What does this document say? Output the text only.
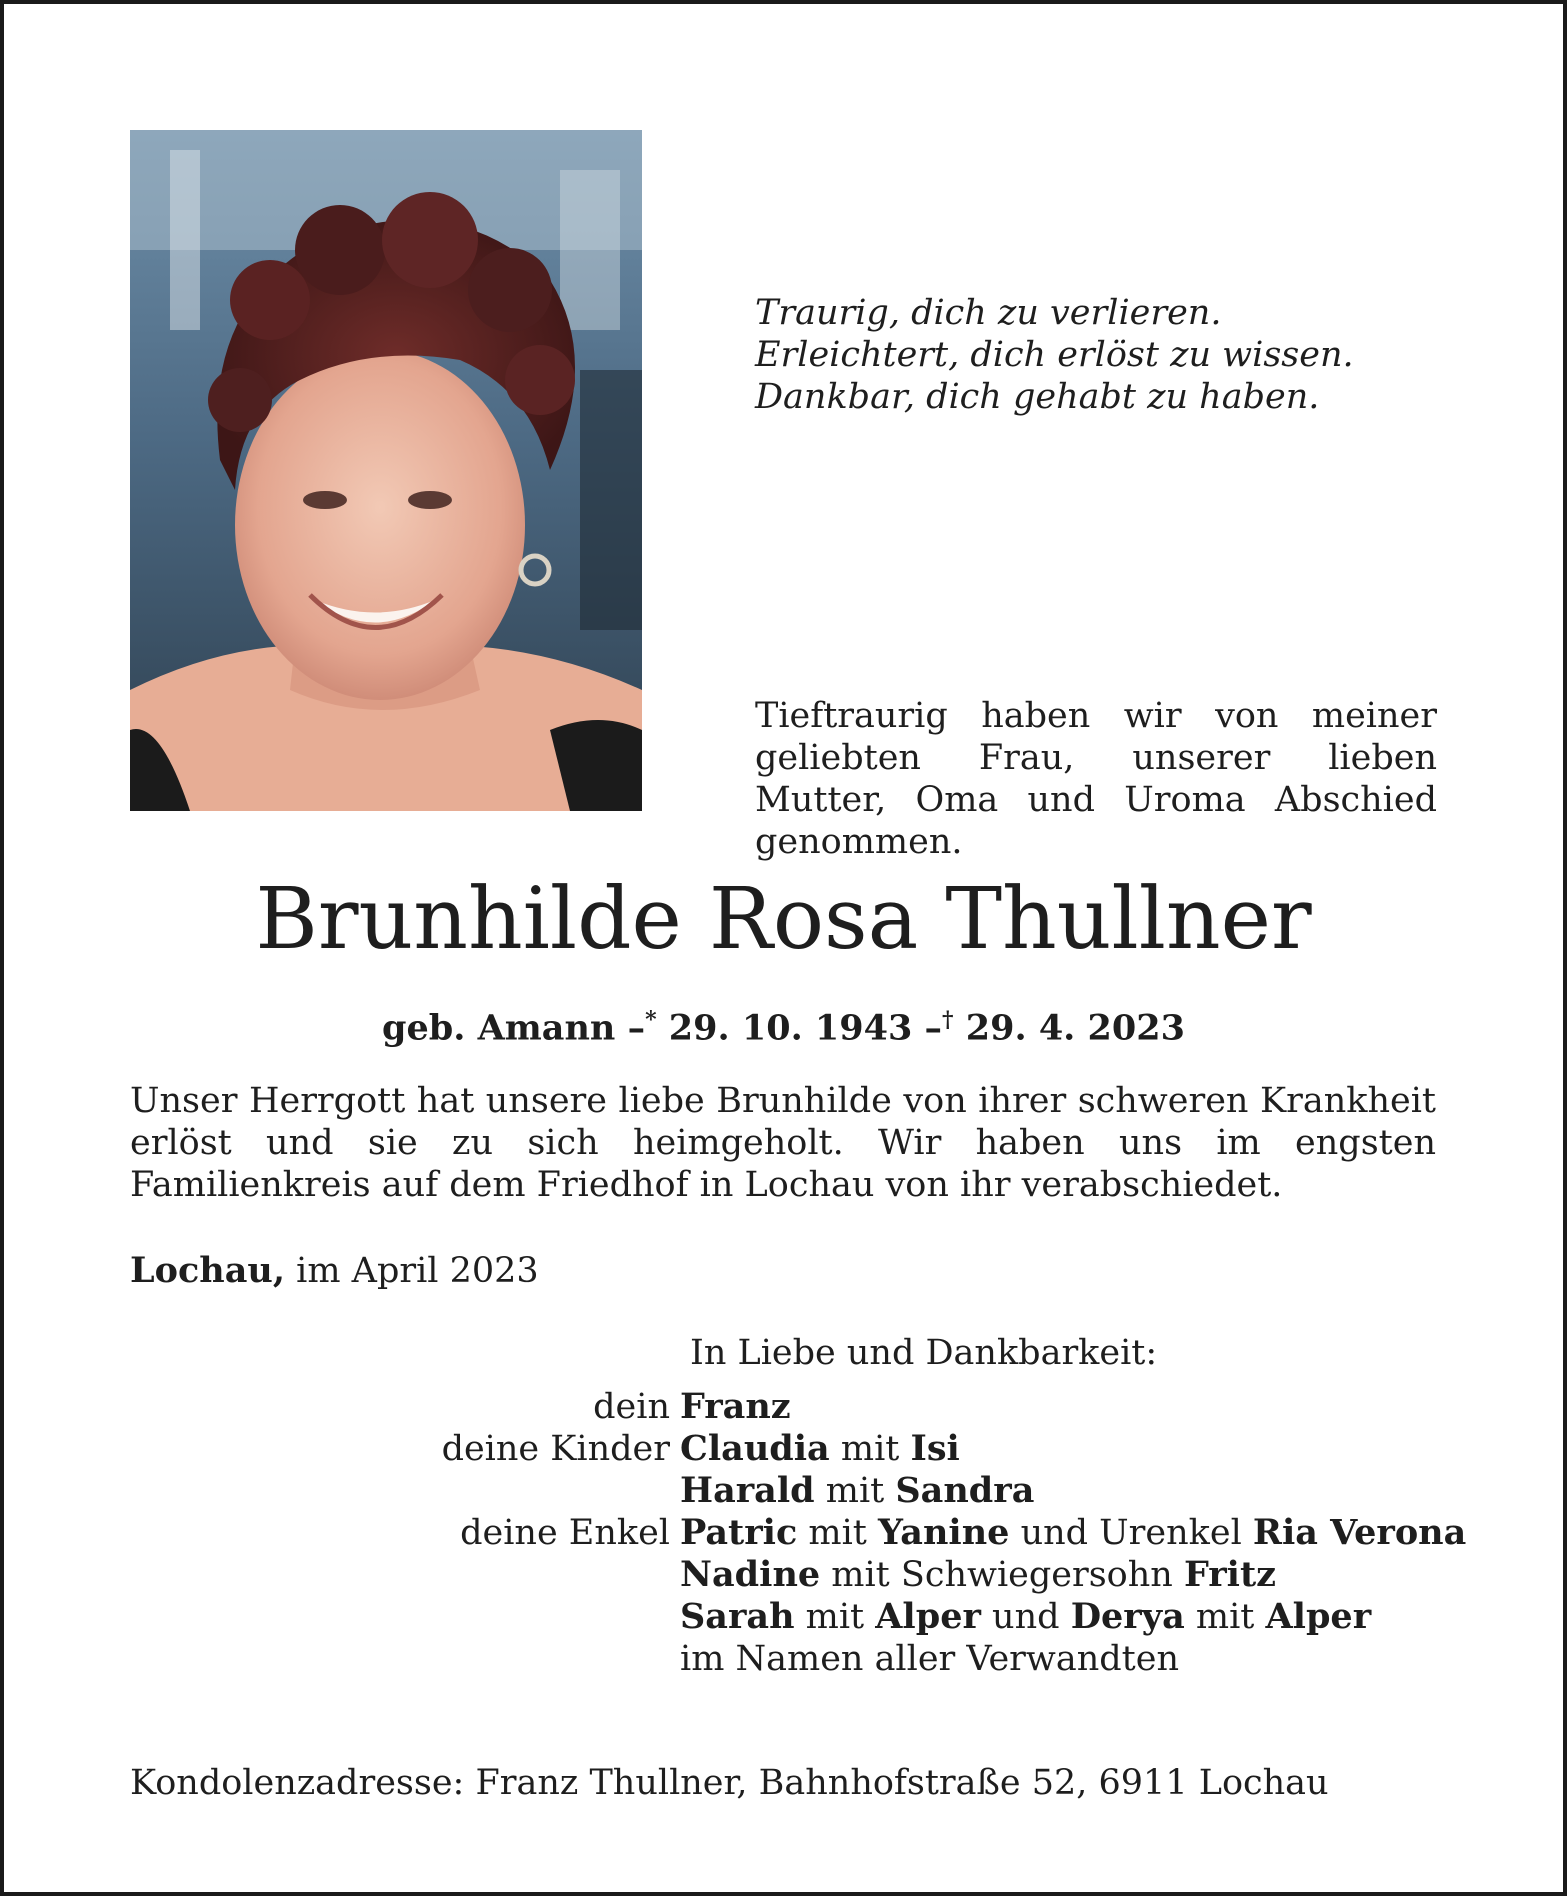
Traurig, dich zu verlieren.
Erleichtert, dich erlöst zu wissen.
Dankbar, dich gehabt zu haben.

Tieftraurig haben wir von meiner geliebten Frau, unserer lieben Mutter, Oma und Uroma Abschied genommen.

Brunhilde Rosa Thullner
geb. Amann –* 29. 10. 1943 –† 29. 4. 2023

Unser Herrgott hat unsere liebe Brunhilde von ihrer schweren Krankheit erlöst und sie zu sich heimgeholt. Wir haben uns im engsten Familienkreis auf dem Friedhof in Lochau von ihr verabschiedet.

Lochau, im April 2023
In Liebe und Dankbarkeit:
dein Franz
deine Kinder Claudia mit Isi
Harald mit Sandra
deine Enkel Patric mit Yanine und Urenkel Ria Verona
Nadine mit Schwiegersohn Fritz
Sarah mit Alper und Derya mit Alper
im Namen aller Verwandten
Kondolenzadresse: Franz Thullner, Bahnhofstraße 52, 6911 Lochau
